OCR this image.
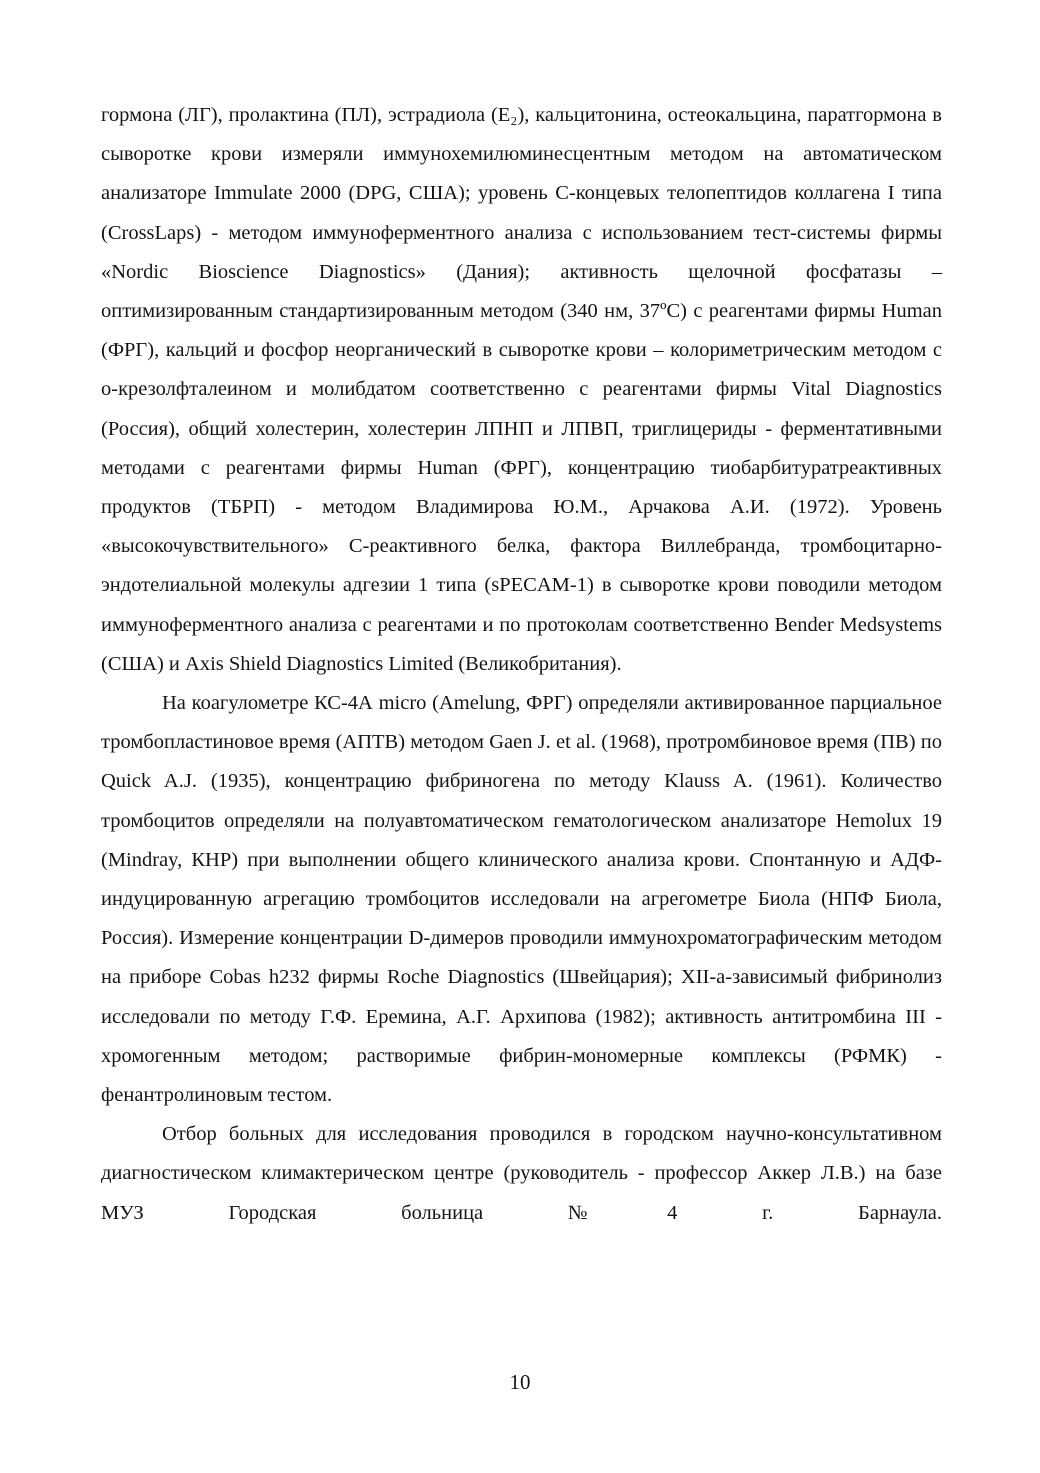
гормона (ЛГ), пролактина (ПЛ), эстрадиола (E₂), кальцитонина, остеокальцина, паратгормона в сыворотке крови измеряли иммунохемилюминесцентным методом на автоматическом анализаторе Immulate 2000 (DPG, США); уровень С-концевых телопептидов коллагена I типа (CrossLaps) - методом иммуноферментного анализа с использованием тест-системы фирмы «Nordic Bioscience Diagnostics» (Дания); активность щелочной фосфатазы – оптимизированным стандартизированным методом (340 нм, 37ºС) с реагентами фирмы Human (ФРГ), кальций и фосфор неорганический в сыворотке крови – колориметрическим методом с о-крезолфталеином и молибдатом соответственно с реагентами фирмы Vital Diagnostics (Россия), общий холестерин, холестерин ЛПНП и ЛПВП, триглицериды - ферментативными методами с реагентами фирмы Human (ФРГ), концентрацию тиобарбитуратреактивных продуктов (ТБРП) - методом Владимирова Ю.М., Арчакова А.И. (1972). Уровень «высокочувствительного» С-реактивного белка, фактора Виллебранда, тромбоцитарно-эндотелиальной молекулы адгезии 1 типа (sPECAM-1) в сыворотке крови поводили методом иммуноферментного анализа с реагентами и по протоколам соответственно Bender Medsystems (США) и Axis Shield Diagnostics Limited (Великобритания).

На коагулометре КС-4А micro (Amelung, ФРГ) определяли активированное парциальное тромбопластиновое время (АПТВ) методом Gaen J. et al. (1968), протромбиновое время (ПВ) по Quick A.J. (1935), концентрацию фибриногена по методу Klauss A. (1961). Количество тромбоцитов определяли на полуавтоматическом гематологическом анализаторе Hemolux 19 (Mindray, КНР) при выполнении общего клинического анализа крови. Спонтанную и АДФ-индуцированную агрегацию тромбоцитов исследовали на агрегометре Биола (НПФ Биола, Россия). Измерение концентрации D-димеров проводили иммунохроматографическим методом на приборе Cobas h232 фирмы Roche Diagnostics (Швейцария); XII-а-зависимый фибринолиз исследовали по методу Г.Ф. Еремина, А.Г. Архипова (1982); активность антитромбина III - хромогенным методом; растворимые фибрин-мономерные комплексы (РФМК) - фенантролиновым тестом.

Отбор больных для исследования проводился в городском научно-консультативном диагностическом климактерическом центре (руководитель - профессор Аккер Л.В.) на базе МУЗ Городская больница №4 г. Барнаула.

10
